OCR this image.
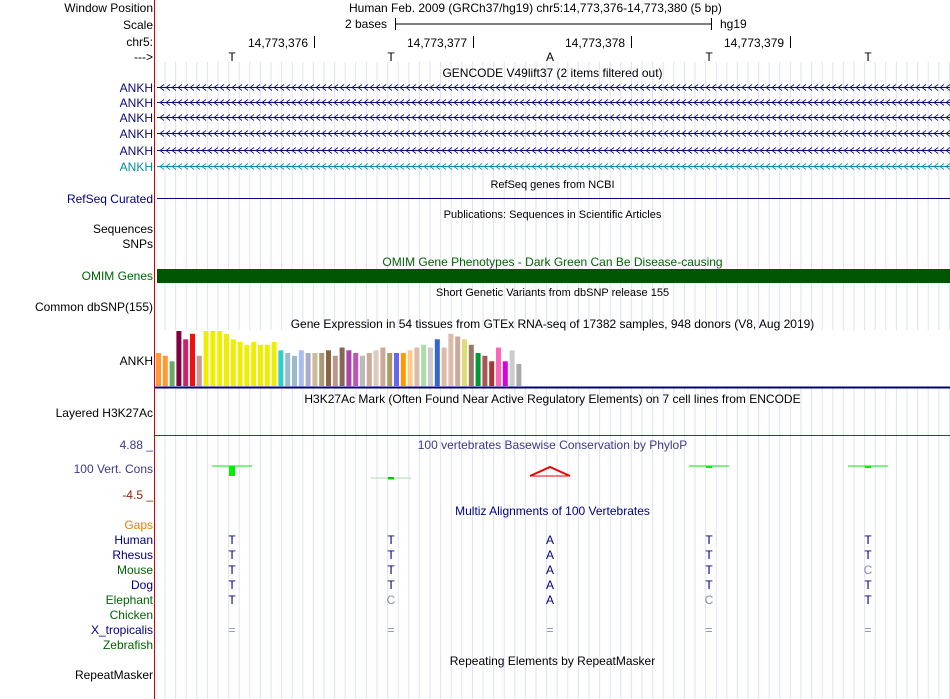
Window Position	Human Feb. 2009 (GRCh37/hg19) chr5:14,773,376-14,773,380 (5 bp)
Scale	2 bases	hg19
chr5:	14,773,376	14,773,377	14,773,378	14,773,379
--->	T	T	A	T	T
GENCODE V49lift37 (2 items filtered out)
ANKH
ANKH
ANKH
ANKH
ANKH
ANKH
RefSeq genes from NCBI
RefSeq Curated
Publications: Sequences in Scientific Articles
Sequences
SNPs
OMIM Gene Phenotypes - Dark Green Can Be Disease-causing
OMIM Genes
Short Genetic Variants from dbSNP release 155
Common dbSNP(155)
Gene Expression in 54 tissues from GTEx RNA-seq of 17382 samples, 948 donors (V8, Aug 2019)
ANKH
H3K27Ac Mark (Often Found Near Active Regulatory Elements) on 7 cell lines from ENCODE
Layered H3K27Ac
4.88 _	100 vertebrates Basewise Conservation by PhyloP
100 Vert. Cons
-4.5 _
Multiz Alignments of 100 Vertebrates
Gaps
Human	T	T	A	T	T
Rhesus	T	T	A	T	T
Mouse	T	T	A	T	C
Dog	T	T	A	T	T
Elephant	T	C	A	C	T
Chicken
X_tropicalis	=	=	=	=	=
Zebrafish
Repeating Elements by RepeatMasker
RepeatMasker
